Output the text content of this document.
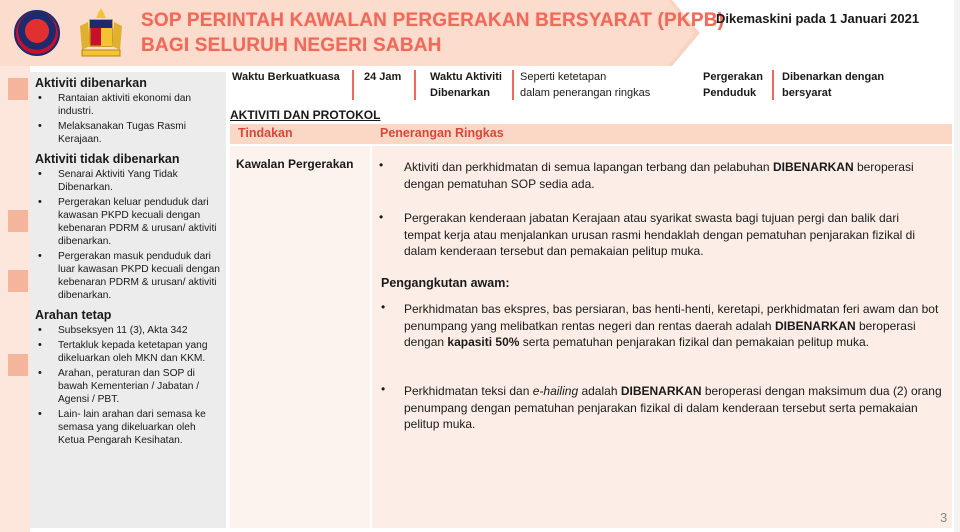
SOP PERINTAH KAWALAN PERGERAKAN BERSYARAT (PKPB)
BAGI SELURUH NEGERI SABAH
Dikemaskini pada 1 Januari 2021
Aktiviti dibenarkan
• Rantaian aktiviti ekonomi dan industri.
• Melaksanakan Tugas Rasmi Kerajaan.
Aktiviti tidak dibenarkan
• Senarai Aktiviti Yang Tidak Dibenarkan.
• Pergerakan keluar penduduk dari kawasan PKPD kecuali dengan kebenaran PDRM & urusan/ aktiviti dibenarkan.
• Pergerakan masuk penduduk dari luar kawasan PKPD kecuali dengan kebenaran PDRM & urusan/ aktiviti dibenarkan.
Arahan tetap
• Subseksyen 11 (3), Akta 342
• Tertakluk kepada ketetapan yang dikeluarkan oleh MKN dan KKM.
• Arahan, peraturan dan SOP di bawah Kementerian / Jabatan / Agensi / PBT.
• Lain- lain arahan dari semasa ke semasa yang dikeluarkan oleh Ketua Pengarah Kesihatan.
Waktu Berkuatkuasa 24 Jam	Waktu Aktiviti
Dibenarkan
Seperti ketetapan
dalam penerangan ringkas
Pergerakan
Penduduk
Dibenarkan dengan
bersyarat
AKTIVITI DAN PROTOKOL
Tindakan	Penerangan Ringkas
Kawalan Pergerakan •
•
•
•
Aktiviti dan perkhidmatan di semua lapangan terbang dan pelabuhan DIBENARKAN beroperasi dengan pematuhan SOP sedia ada.
Pergerakan kenderaan jabatan Kerajaan atau syarikat swasta bagi tujuan pergi dan balik dari tempat kerja atau menjalankan urusan rasmi hendaklah dengan pematuhan penjarakan fizikal di dalam kenderaan tersebut dan pemakaian pelitup muka.
Pengangkutan awam:
Perkhidmatan bas ekspres, bas persiaran, bas henti-henti, keretapi, perkhidmatan feri awam dan bot penumpang yang melibatkan rentas negeri dan rentas daerah adalah DIBENARKAN beroperasi dengan kapasiti 50% serta pematuhan penjarakan fizikal dan pemakaian pelitup muka.
Perkhidmatan teksi dan e-hailing adalah DIBENARKAN beroperasi dengan maksimum dua (2) orang penumpang dengan pematuhan penjarakan fizikal di dalam kenderaan tersebut serta pemakaian pelitup muka.
3
